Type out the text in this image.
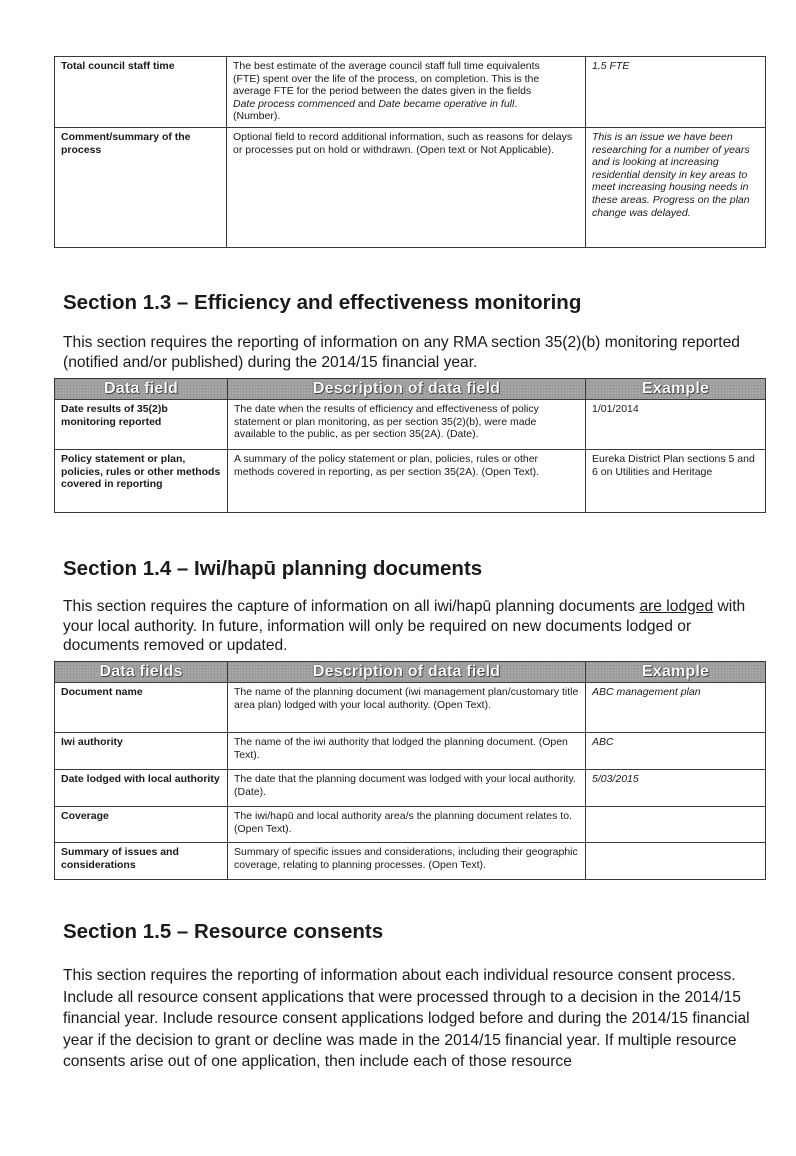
Total council staff time	The best estimate of the average council staff full time equivalents
(FTE) spent over the life of the process, on completion. This is the
average FTE for the period between the dates given in the fields
Date process commenced and Date became operative in full.
(Number).	1.5 FTE
Comment/summary of the process	Optional field to record additional information, such as reasons for delays or processes put on hold or withdrawn. (Open text or Not Applicable).	This is an issue we have been researching for a number of years and is looking at increasing residential density in key areas to meet increasing housing needs in these areas. Progress on the plan change was delayed.
Section 1.3 – Efficiency and effectiveness monitoring
This section requires the reporting of information on any RMA section 35(2)(b) monitoring reported (notified and/or published) during the 2014/15 financial year.
Data field	Description of data field	Example
Date results of 35(2)b monitoring reported	The date when the results of efficiency and effectiveness of policy statement or plan monitoring, as per section 35(2)(b), were made available to the public, as per section 35(2A). (Date).	1/01/2014
Policy statement or plan, policies, rules or other methods covered in reporting	A summary of the policy statement or plan, policies, rules or other methods covered in reporting, as per section 35(2A). (Open Text).	Eureka District Plan sections 5 and 6 on Utilities and Heritage
Section 1.4 – Iwi/hapū planning documents
This section requires the capture of information on all iwi/hapū planning documents are lodged with your local authority. In future, information will only be required on new documents lodged or documents removed or updated.
Data fields	Description of data field	Example
Document name	The name of the planning document (iwi management plan/customary title area plan) lodged with your local authority. (Open Text).	ABC management plan
Iwi authority	The name of the iwi authority that lodged the planning document. (Open Text).	ABC
Date lodged with local authority	The date that the planning document was lodged with your local authority. (Date).	5/03/2015
Coverage	The iwi/hapū and local authority area/s the planning document relates to. (Open Text).	
Summary of issues and considerations	Summary of specific issues and considerations, including their geographic coverage, relating to planning processes. (Open Text).	
Section 1.5 – Resource consents
This section requires the reporting of information about each individual resource consent process. Include all resource consent applications that were processed through to a decision in the 2014/15 financial year. Include resource consent applications lodged before and during the 2014/15 financial year if the decision to grant or decline was made in the 2014/15 financial year. If multiple resource consents arise out of one application, then include each of those resource
